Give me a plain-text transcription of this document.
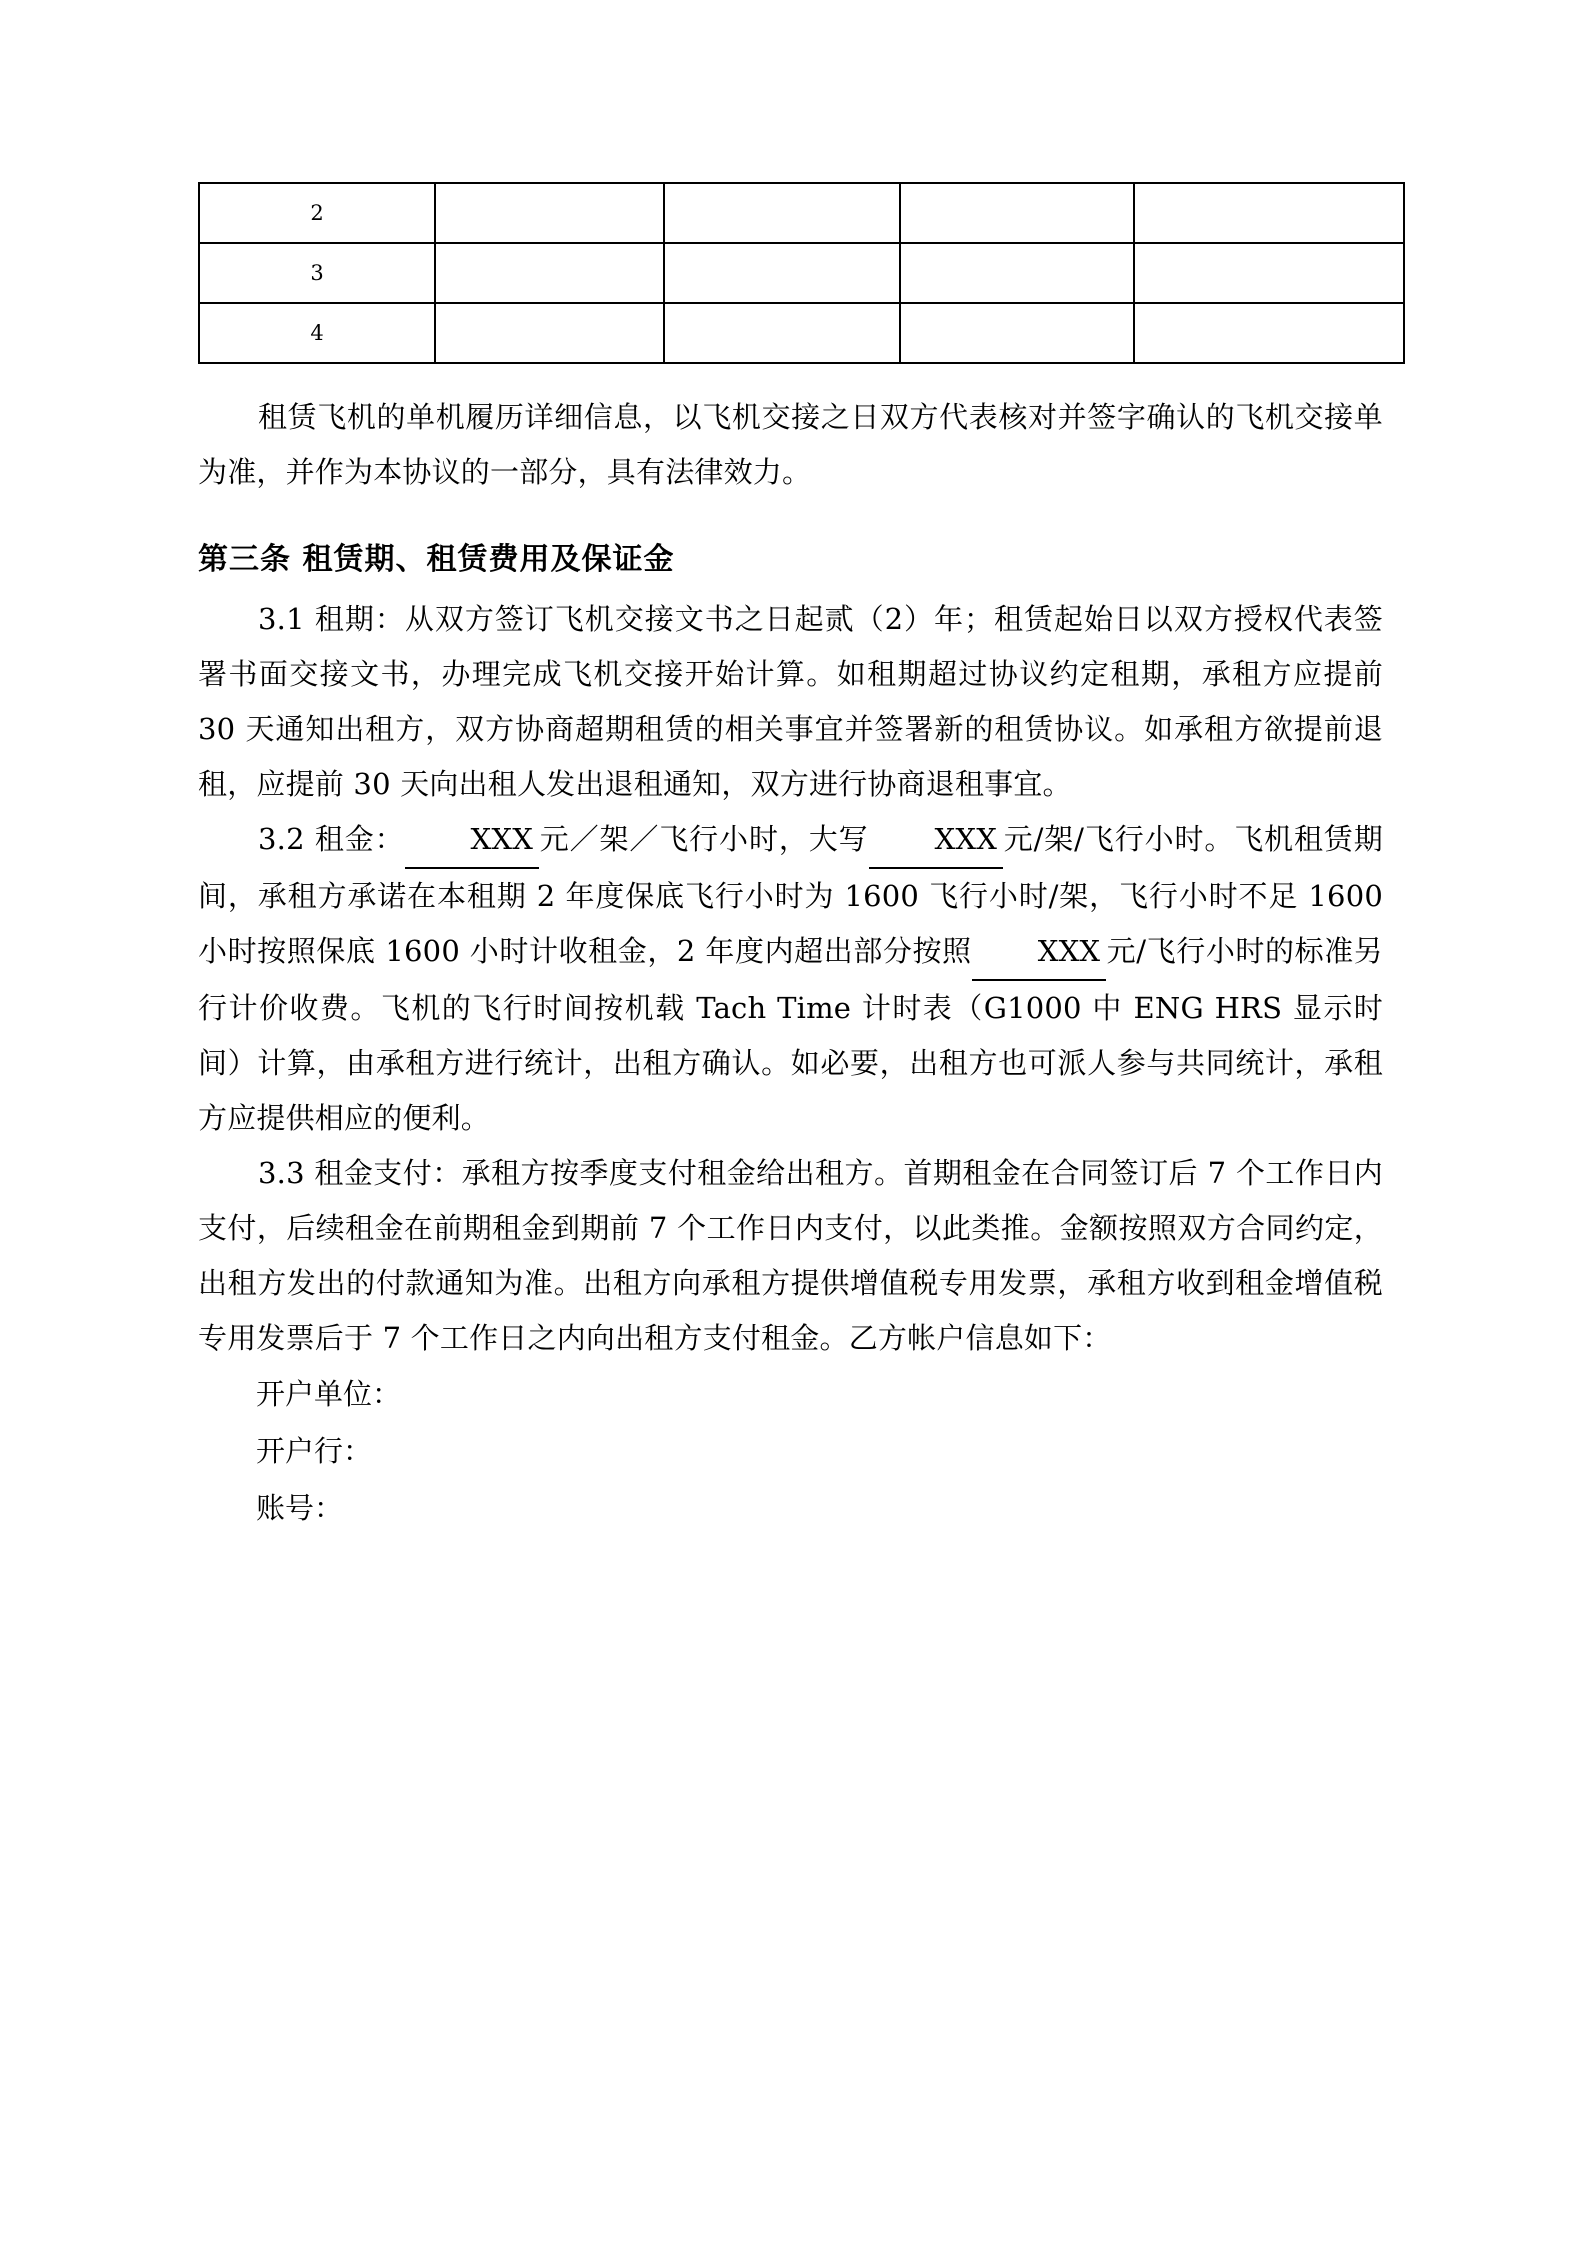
2				
3				
4				

租赁飞机的单机履历详细信息，以飞机交接之日双方代表核对并签字确认的飞机交接单为准，并作为本协议的一部分，具有法律效力。

第三条 租赁期、租赁费用及保证金

3.1 租期：从双方签订飞机交接文书之日起贰（2）年；租赁起始日以双方授权代表签署书面交接文书，办理完成飞机交接开始计算。如租期超过协议约定租期，承租方应提前 30 天通知出租方，双方协商超期租赁的相关事宜并签署新的租赁协议。如承租方欲提前退租，应提前 30 天向出租人发出退租通知，双方进行协商退租事宜。

3.2 租金： XXX 元／架／飞行小时，大写 XXX 元/架/飞行小时。飞机租赁期间，承租方承诺在本租期 2 年度保底飞行小时为 1600 飞行小时/架，飞行小时不足 1600 小时按照保底 1600 小时计收租金，2 年度内超出部分按照 XXX 元/飞行小时的标准另行计价收费。飞机的飞行时间按机载 Tach Time 计时表（G1000 中 ENG HRS 显示时间）计算，由承租方进行统计，出租方确认。如必要，出租方也可派人参与共同统计，承租方应提供相应的便利。

3.3 租金支付：承租方按季度支付租金给出租方。首期租金在合同签订后 7 个工作日内支付，后续租金在前期租金到期前 7 个工作日内支付，以此类推。金额按照双方合同约定，出租方发出的付款通知为准。出租方向承租方提供增值税专用发票，承租方收到租金增值税专用发票后于 7 个工作日之内向出租方支付租金。乙方帐户信息如下：

开户单位：

开户行：

账号：
